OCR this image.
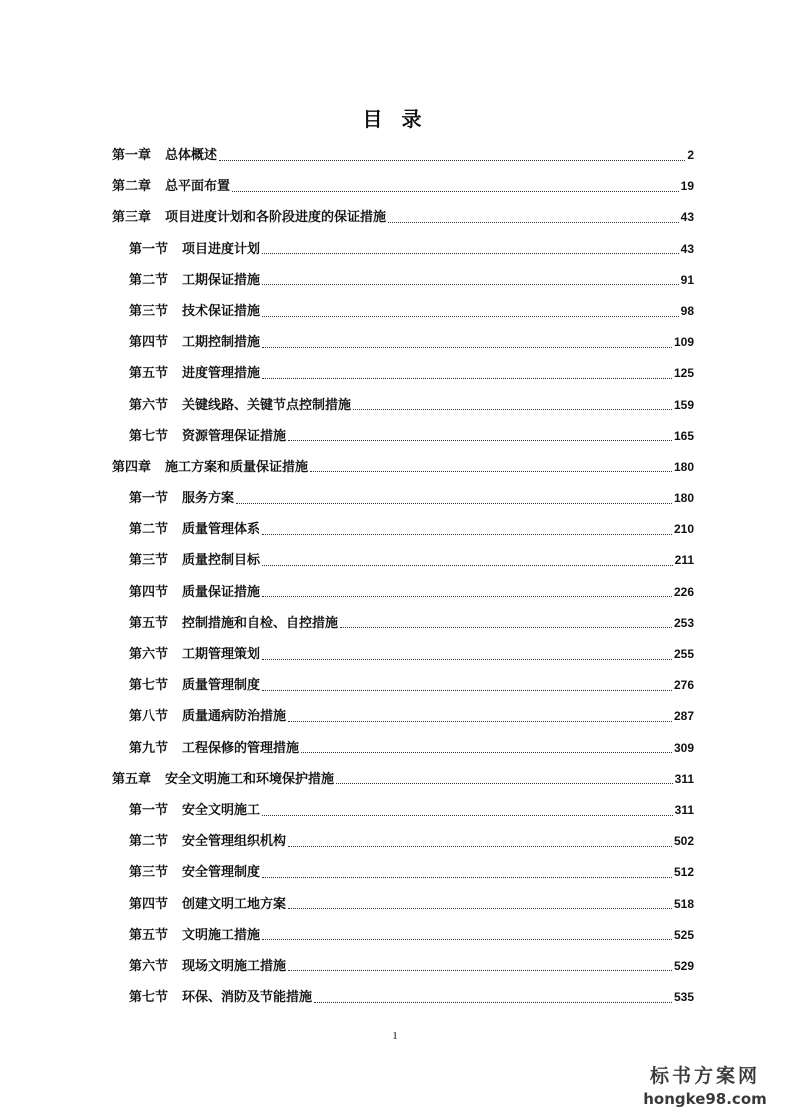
目 录
第一章 总体概述	2
第二章 总平面布置	19
第三章 项目进度计划和各阶段进度的保证措施	43
第一节 项目进度计划	43
第二节 工期保证措施	91
第三节 技术保证措施	98
第四节 工期控制措施	109
第五节 进度管理措施	125
第六节 关键线路、关键节点控制措施	159
第七节 资源管理保证措施	165
第四章 施工方案和质量保证措施	180
第一节 服务方案	180
第二节 质量管理体系	210
第三节 质量控制目标	211
第四节 质量保证措施	226
第五节 控制措施和自检、自控措施	253
第六节 工期管理策划	255
第七节 质量管理制度	276
第八节 质量通病防治措施	287
第九节 工程保修的管理措施	309
第五章 安全文明施工和环境保护措施	311
第一节 安全文明施工	311
第二节 安全管理组织机构	502
第三节 安全管理制度	512
第四节 创建文明工地方案	518
第五节 文明施工措施	525
第六节 现场文明施工措施	529
第七节 环保、消防及节能措施	535
1
标书方案网
hongke98.com
